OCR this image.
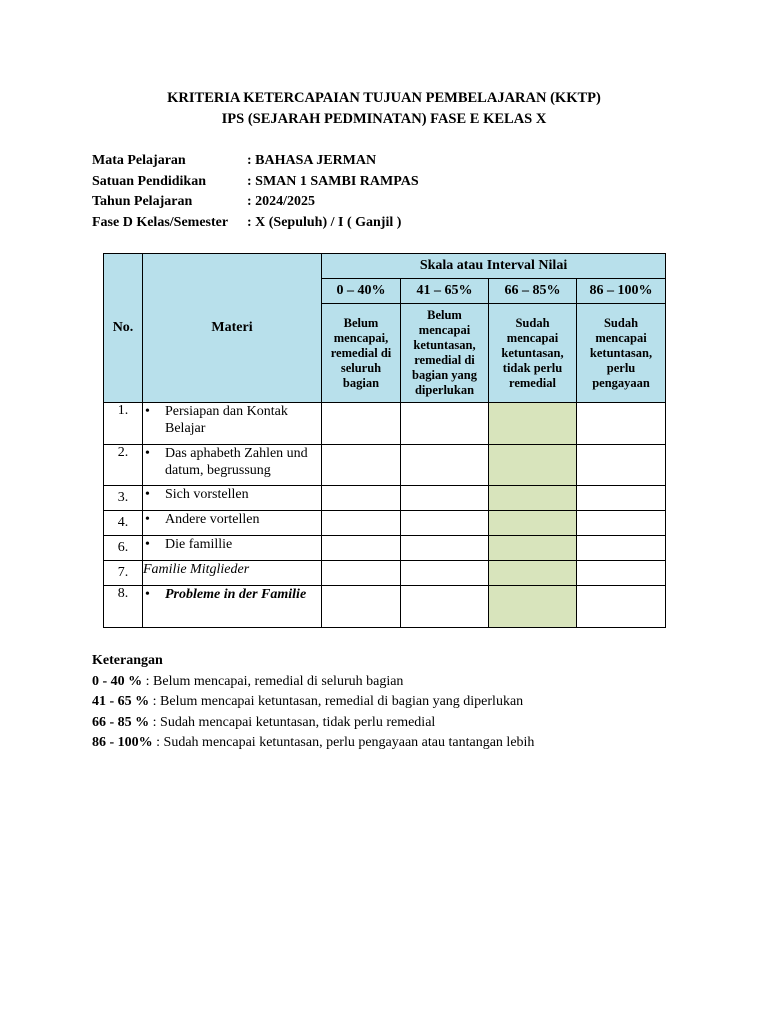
KRITERIA KETERCAPAIAN TUJUAN PEMBELAJARAN (KKTP)
IPS (SEJARAH PEDMINATAN) FASE E KELAS X
Mata Pelajaran	: BAHASA JERMAN
Satuan Pendidikan	: SMAN 1 SAMBI RAMPAS
Tahun Pelajaran	: 2024/2025
Fase D Kelas/Semester	: X (Sepuluh) / I ( Ganjil )
No.	Materi	Skala atau Interval Nilai			
		0 – 40%	41 – 65%	66 – 85%	86 – 100%
		Belum mencapai, remedial di seluruh bagian	Belum mencapai ketuntasan, remedial di bagian yang diperlukan	Sudah mencapai ketuntasan, tidak perlu remedial	Sudah mencapai ketuntasan, perlu pengayaan
1.	• Persiapan dan Kontak Belajar				

2.	• Das aphabeth Zahlen und datum, begrussung				

3.	• Sich vorstellen				

4.	• Andere vortellen				

6.	• Die famillie				

7.	Familie Mitglieder				

8.	• Probleme in der Familie				

Keterangan
0 - 40 % : Belum mencapai, remedial di seluruh bagian
41 - 65 % : Belum mencapai ketuntasan, remedial di bagian yang diperlukan
66 - 85 % : Sudah mencapai ketuntasan, tidak perlu remedial
86 - 100% : Sudah mencapai ketuntasan, perlu pengayaan atau tantangan lebih
